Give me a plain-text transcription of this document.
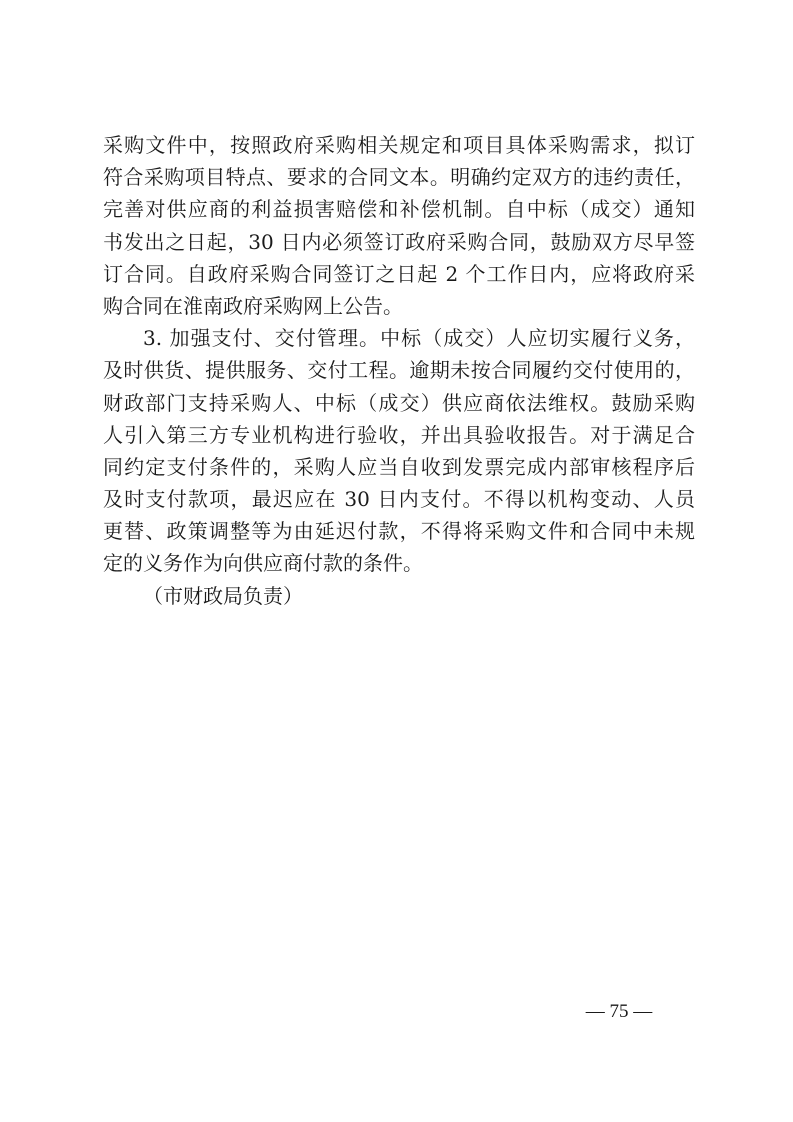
采购文件中，按照政府采购相关规定和项目具体采购需求，拟订
符合采购项目特点、要求的合同文本。明确约定双方的违约责任，
完善对供应商的利益损害赔偿和补偿机制。自中标（成交）通知
书发出之日起，30 日内必须签订政府采购合同，鼓励双方尽早签
订合同。自政府采购合同签订之日起 2 个工作日内，应将政府采
购合同在淮南政府采购网上公告。
3. 加强支付、交付管理。中标（成交）人应切实履行义务，
及时供货、提供服务、交付工程。逾期未按合同履约交付使用的，
财政部门支持采购人、中标（成交）供应商依法维权。鼓励采购
人引入第三方专业机构进行验收，并出具验收报告。对于满足合
同约定支付条件的，采购人应当自收到发票完成内部审核程序后
及时支付款项，最迟应在 30 日内支付。不得以机构变动、人员
更替、政策调整等为由延迟付款，不得将采购文件和合同中未规
定的义务作为向供应商付款的条件。
（市财政局负责）
— 75 —
